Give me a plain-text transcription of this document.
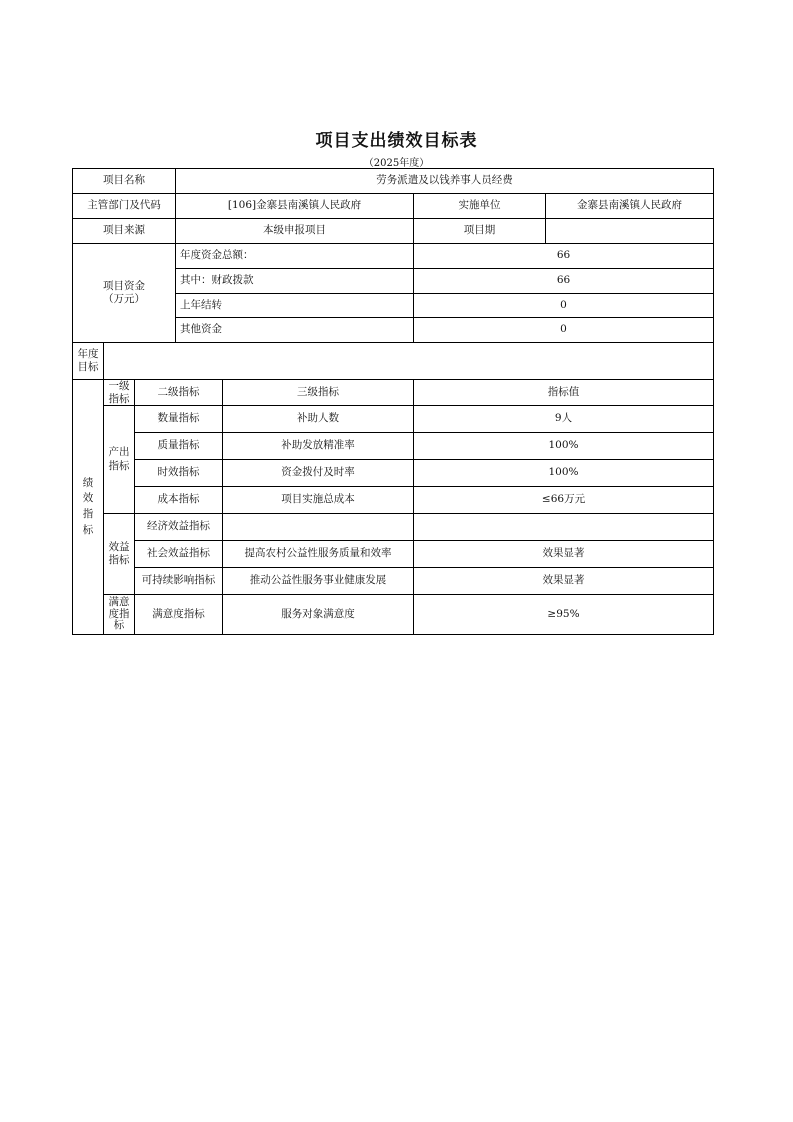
项目支出绩效目标表
（2025年度）
项目名称	劳务派遣及以钱养事人员经费
主管部门及代码	[106]金寨县南溪镇人民政府	实施单位	金寨县南溪镇人民政府
项目来源	本级申报项目	项目期
项目资金
（万元）
年度资金总额：	66
其中：财政拨款	66
上年结转	0
其他资金	0
年度
目标
绩
效
指
标
一级
指标
二级指标	三级指标	指标值
产出
指标
数量指标	补助人数	9人
质量指标	补助发放精准率	100%
时效指标	资金拨付及时率	100%
成本指标	项目实施总成本	≤66万元
效益
指标
经济效益指标
社会效益指标	提高农村公益性服务质量和效率	效果显著
可持续影响指标	推动公益性服务事业健康发展	效果显著
满意
度指
标
满意度指标	服务对象满意度	≥95%
